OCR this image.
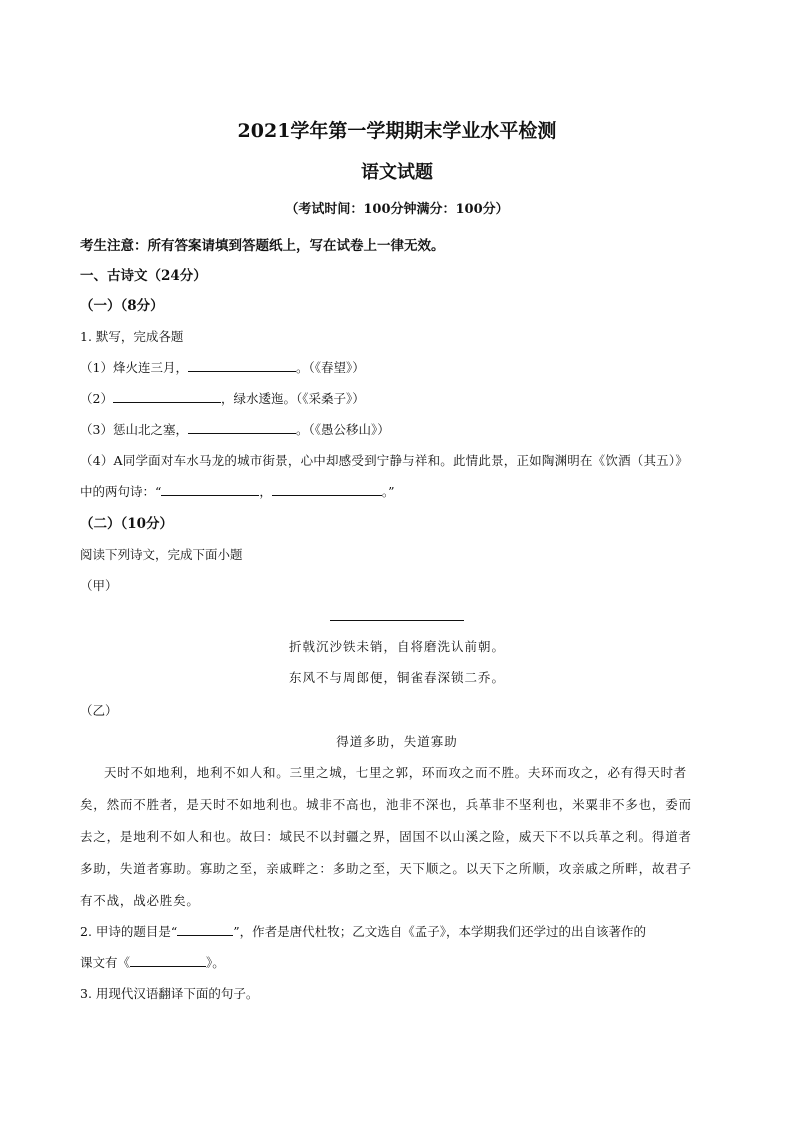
2021学年第一学期期末学业水平检测
语文试题
（考试时间：100分钟满分：100分）
考生注意：所有答案请填到答题纸上，写在试卷上一律无效。
一、古诗文（24分）
（一）（8分）
1. 默写，完成各题
（1）烽火连三月，	。（《春望》）
（2）	，绿水逶迤。（《采桑子》）
（3）惩山北之塞，	。（《愚公移山》）
（4）A同学面对车水马龙的城市街景，心中却感受到宁静与祥和。此情此景，正如陶渊明在《饮酒（其五）》
中的两句诗：“	，	。”
（二）（10分）
阅读下列诗文，完成下面小题
（甲）
折戟沉沙铁未销，自将磨洗认前朝。
东风不与周郎便，铜雀春深锁二乔。
（乙）
得道多助，失道寡助
天时不如地利，地利不如人和。三里之城，七里之郭，环而攻之而不胜。夫环而攻之，必有得天时者
矣，然而不胜者，是天时不如地利也。城非不高也，池非不深也，兵革非不坚利也，米粟非不多也，委而
去之，是地利不如人和也。故曰：域民不以封疆之界，固国不以山溪之险，威天下不以兵革之利。得道者
多助，失道者寡助。寡助之至，亲戚畔之：多助之至，天下顺之。以天下之所顺，攻亲戚之所畔，故君子
有不战，战必胜矣。
2. 甲诗的题目是“	”，作者是唐代杜牧；乙文选自《孟子》，本学期我们还学过的出自该著作的
课文有《	》。
3. 用现代汉语翻译下面的句子。
